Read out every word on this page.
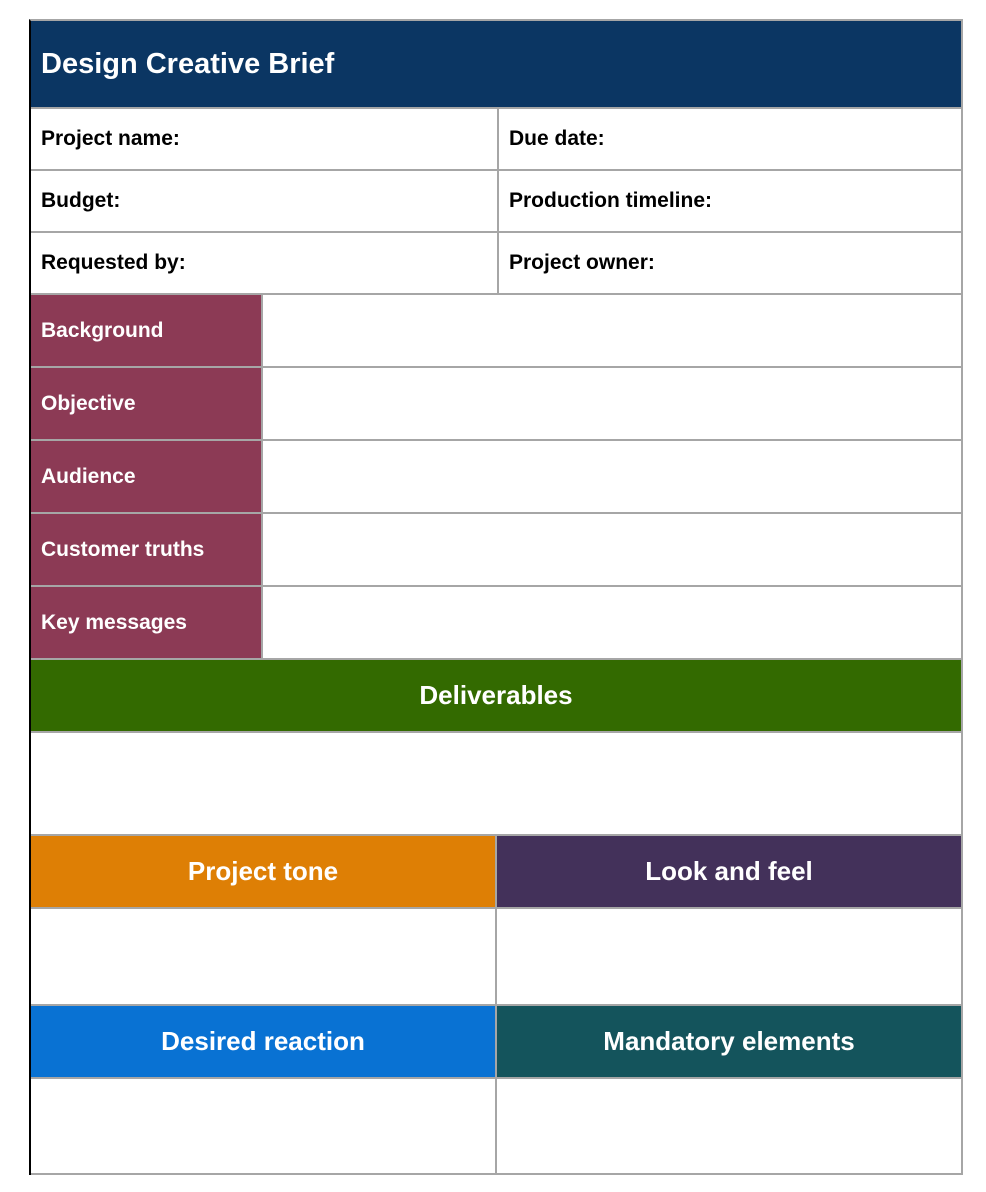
Design Creative Brief
Project name:	Due date:
Budget:	Production timeline:
Requested by:	Project owner:
Background
Objective
Audience
Customer truths
Key messages
Deliverables
Project tone	Look and feel
Desired reaction	Mandatory elements
